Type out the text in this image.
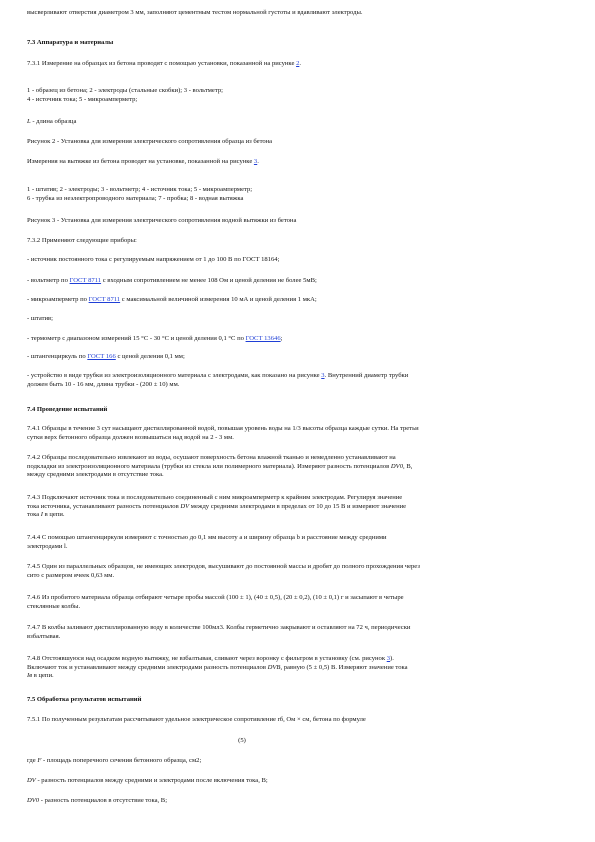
высверливают отверстия диаметром 3 мм, заполняют цементным тестом нормальной густоты и вдавливают электроды.

7.3 Аппаратура и материалы

7.3.1 Измерение на образцах из бетона проводят с помощью установки, показанной на рисунке 2.

1 - образец из бетона; 2 - электроды (стальные скобки); 3 - вольтметр;
4 - источник тока; 5 - микроамперметр;

L - длина образца

Рисунок 2 - Установка для измерения электрического сопротивления образца из бетона

Измерения на вытяжке из бетона проводят на установке, показанной на рисунке 3.

1 - штатив; 2 - электроды; 3 - вольтметр; 4 - источник тока; 5 - микроамперметр;
6 - трубка из неэлектропроводного материала; 7 - пробка; 8 - водная вытяжка

Рисунок 3 - Установка для измерения электрического сопротивления водной вытяжки из бетона

7.3.2 Применяют следующие приборы:

- источник постоянного тока с регулируемым напряжением от 1 до 100 В по ГОСТ 18164;

- вольтметр по ГОСТ 8711 с входным сопротивлением не менее 108 Ом и ценой деления не более 5мВ;

- микроамперметр по ГОСТ 8711 с максимальной величиной измерения 10 мА и ценой деления 1 мкА;

- штатив;

- термометр с диапазоном измерений 15 °С - 30 °С и ценой деления 0,1 °С по ГОСТ 13646;

- штангенциркуль по ГОСТ 166 с ценой деления 0,1 мм;

- устройство в виде трубки из электроизоляционного материала с электродами, как показано на рисунке 3. Внутренний диаметр трубки
должен быть 10 - 16 мм, длина трубки - (200 ± 10) мм.

7.4 Проведение испытаний

7.4.1 Образцы в течение 3 сут насыщают дистиллированной водой, повышая уровень воды на 1/3 высоты образца каждые сутки. На третьи
сутки верх бетонного образца должен возвышаться над водой на 2 - 3 мм.
7.4.2 Образцы последовательно извлекают из воды, осушают поверхность бетона влажной тканью и немедленно устанавливают на
подкладки из электроизоляционного материала (трубки из стекла или полимерного материала). Измеряют разность потенциалов DV0, В,
между средними электродами в отсутствие тока.
7.4.3 Подключают источник тока и последовательно соединенный с ним микроамперметр к крайним электродам. Регулируя значение
тока источника, устанавливают разность потенциалов DV между средними электродами в пределах от 10 до 15 В и измеряют значение
тока I в цепи.
7.4.4 С помощью штангенциркуля измеряют с точностью до 0,1 мм высоту a и ширину образца b и расстояние между средними
электродами l.
7.4.5 Один из параллельных образцов, не имеющих электродов, высушивают до постоянной массы и дробят до полного прохождения через
сито с размером ячеек 0,63 мм.
7.4.6 Из пробитого материала образца отбирают четыре пробы массой (100 ± 1), (40 ± 0,5), (20 ± 0,2), (10 ± 0,1) г и засыпают в четыре
стеклянные колбы.
7.4.7 В колбы заливают дистиллированную воду в количестве 100мл3. Колбы герметично закрывают и оставляют на 72 ч, периодически
взбалтывая.
7.4.8 Отстоявшуюся над осадком водную вытяжку, не взбалтывая, сливают через воронку с фильтром в установку (см. рисунок 3).
Включают ток и устанавливают между средними электродами разность потенциалов DVB, равную (5 ± 0,5) В. Измеряют значение тока
Iв в цепи.

7.5 Обработка результатов испытаний

7.5.1 По полученным результатам рассчитывают удельное электрическое сопротивление rб, Ом × см, бетона по формуле

(5)

где F - площадь поперечного сечения бетонного образца, см2;

DV - разность потенциалов между средними и электродами после включения тока, В;

DV0 - разность потенциалов в отсутствие тока, В;
